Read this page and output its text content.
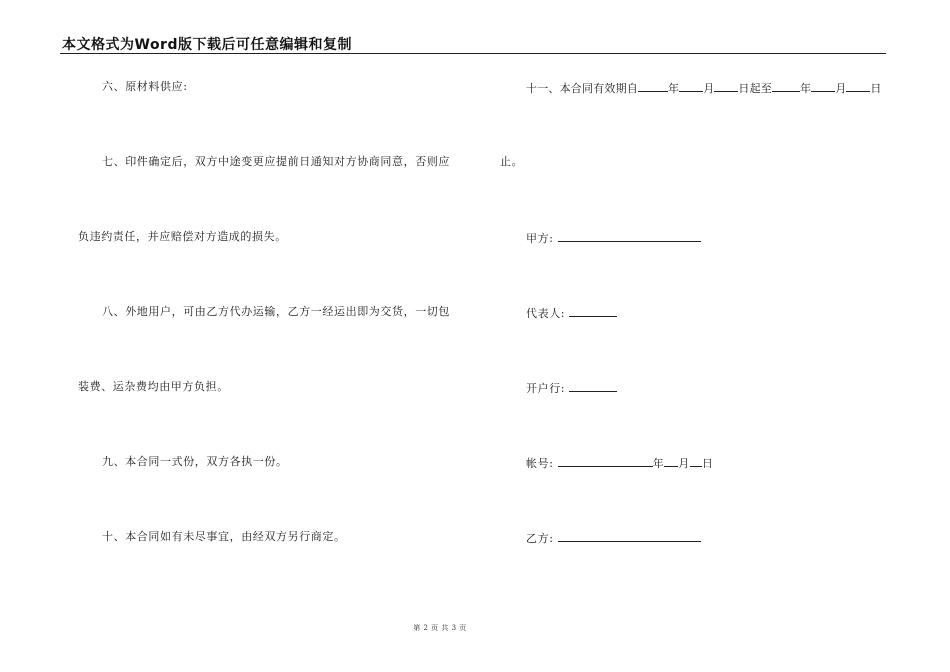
本文格式为Word版下载后可任意编辑和复制
六、原材料供应:
七、印件确定后，双方中途变更应提前日通知对方协商同意，否则应
负违约责任，并应赔偿对方造成的损失。
八、外地用户，可由乙方代办运输，乙方一经运出即为交货，一切包
装费、运杂费均由甲方负担。
九、本合同一式份，双方各执一份。
十、本合同如有未尽事宜，由经双方另行商定。
十一、本合同有效期自	年 月 日起至	年 月 日
止。
甲方:
代表人:
开户行:
帐号:	年 月 日
乙方:
第 2 页 共 3 页
